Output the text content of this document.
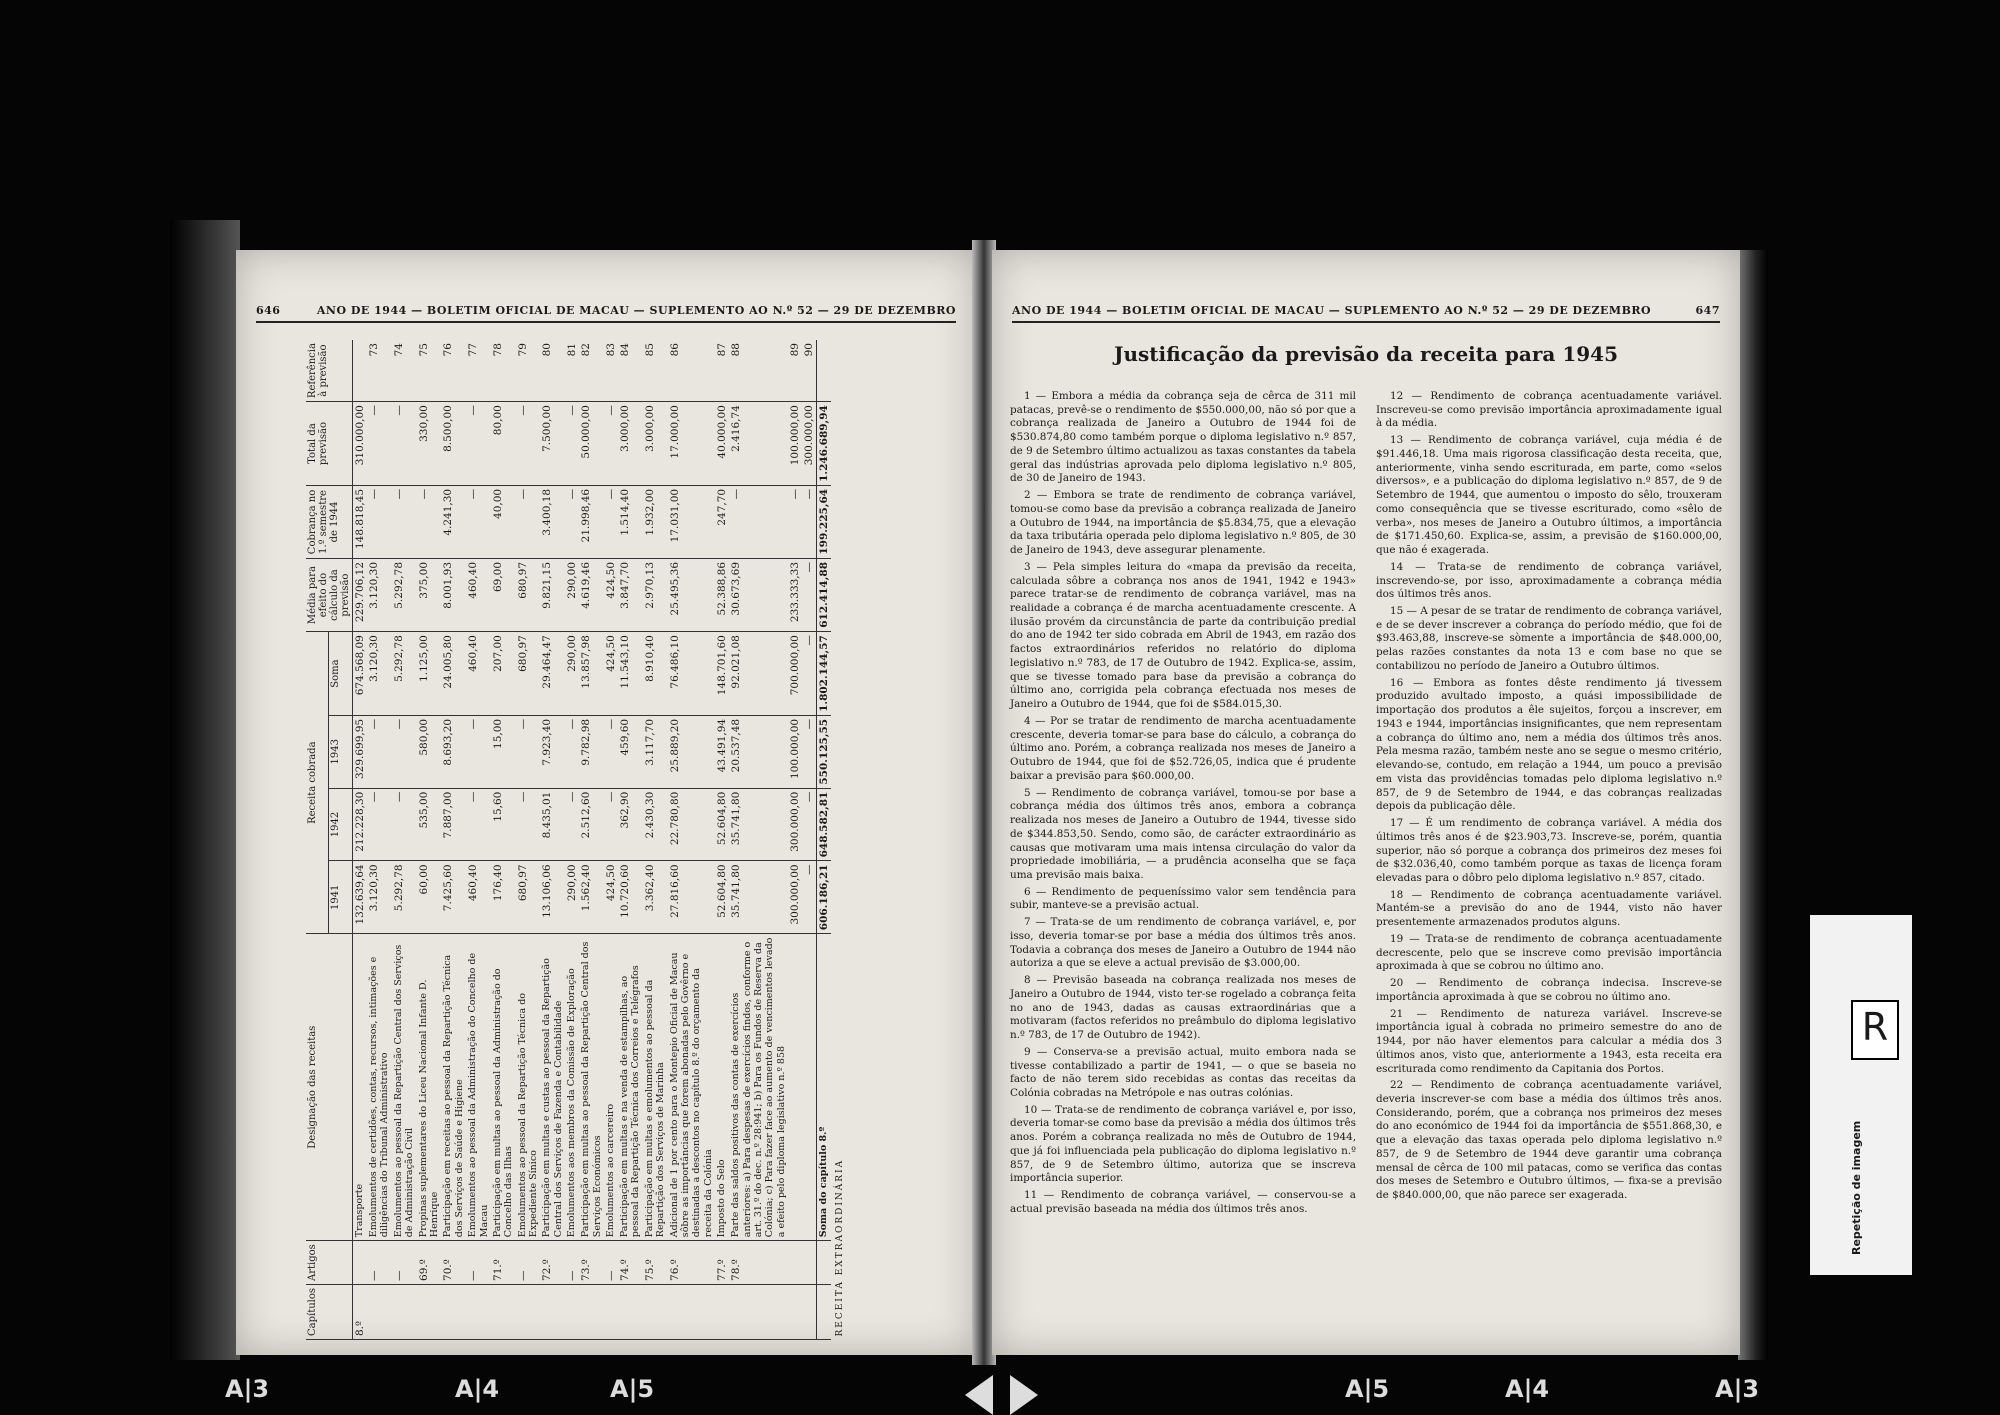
646	ANO DE 1944 — BOLETIM OFICIAL DE MACAU — SUPLEMENTO AO N.º 52 — 29 DE DEZEMBRO
Capítulos	Artigos	Designação das receitas	Receita cobrada				Média para efeito do cálculo da previsão	Cobrança no 1.º semestre de 1944	Total da previsão	Referência à previsão
			1941	1942	1943	Soma				
8.º		Transporte	132.639,64	212.228,30	329.699,95	674.568,09	229.706,12	148.818,45	310.000,00	
	—	Emolumentos de certidões, contas, recursos, intimações e diligências do Tribunal Administrativo	3.120,30	—	—	3.120,30	3.120,30	—	—	73
	—	Emolumentos ao pessoal da Repartição Central dos Serviços de Administração Civil	5.292,78	—	—	5.292,78	5.292,78	—	—	74
	69.º	Propinas suplementares do Liceu Nacional Infante D. Henrique	60,00	535,00	580,00	1.125,00	375,00	—	330,00	75
	70.º	Participação em receitas ao pessoal da Repartição Técnica dos Serviços de Saúde e Higiene	7.425,60	7.887,00	8.693,20	24.005,80	8.001,93	4.241,30	8.500,00	76
	—	Emolumentos ao pessoal da Administração do Concelho de Macau	460,40	—	—	460,40	460,40	—	—	77
	71.º	Participação em multas ao pessoal da Administração do Concelho das Ilhas	176,40	15,60	15,00	207,00	69,00	40,00	80,00	78
	—	Emolumentos ao pessoal da Repartição Técnica do Expediente Sínico	680,97	—	—	680,97	680,97	—	—	79
	72.º	Participação em multas e custas ao pessoal da Repartição Central dos Serviços de Fazenda e Contabilidade	13.106,06	8.435,01	7.923,40	29.464,47	9.821,15	3.400,18	7.500,00	80
	—	Emolumentos aos membros da Comissão de Exploração	290,00	—	—	290,00	290,00	—	—	81
	73.º	Participação em multas ao pessoal da Repartição Central dos Serviços Económicos	1.562,40	2.512,60	9.782,98	13.857,98	4.619,46	21.998,46	50.000,00	82
	—	Emolumentos ao carcereiro	424,50	—	—	424,50	424,50	—	—	83
	74.º	Participação em multas e na venda de estampilhas, ao pessoal da Repartição Técnica dos Correios e Telégrafos	10.720,60	362,90	459,60	11.543,10	3.847,70	1.514,40	3.000,00	84
	75.º	Participação em multas e emolumentos ao pessoal da Repartição dos Serviços de Marinha	3.362,40	2.430,30	3.117,70	8.910,40	2.970,13	1.932,00	3.000,00	85
	76.º	Adicional de 1 por cento para o Montepio Oficial de Macau sôbre as importâncias que forem abonadas pelo Govêrno e destinadas a descontos no capítulo 8.º do orçamento da receita da Colónia	27.816,60	22.780,80	25.889,20	76.486,10	25.495,36	17.031,00	17.000,00	86
	77.º	Imposto do Selo	52.604,80	52.604,80	43.491,94	148.701,60	52.388,86	247,70	40.000,00	87
	78.º	Parte das saldos positivos das contas de exercícios anteriores: a) Para despesas de exercícios findos, conforme o art. 31.º do dec. n.º 28:941; b) Para os Fundos de Reserva da Colónia; c) Para fazer face ao aumento de vencimentos levado a efeito pelo diploma legislativo n.º 858	35.741,80	35.741,80	20.537,48	92.021,08	30.673,69	—	2.416,74	88
			300.000,00	300.000,00	100.000,00	700.000,00	233.333,33	—	100.000,00	89
			—	—	—	—	—	—	300.000,00	90
		Soma do capítulo 8.º	606.186,21	648.582,81	550.125,55	1.802.144,57	612.414,88	199.225,64	1.246.689,94	
RECEITA EXTRAORDINÁRIA										
ANO DE 1944 — BOLETIM OFICIAL DE MACAU — SUPLEMENTO AO N.º 52 — 29 DE DEZEMBRO	647
Justificação da previsão da receita para 1945

1 — Embora a média da cobrança seja de cêrca de 311 mil patacas, prevê-se o rendimento de $550.000,00, não só por que a cobrança realizada de Janeiro a Outubro de 1944 foi de $530.874,80 como também porque o diploma legislativo n.º 857, de 9 de Setembro último actualizou as taxas constantes da tabela geral das indústrias aprovada pelo diploma legislativo n.º 805, de 30 de Janeiro de 1943.

2 — Embora se trate de rendimento de cobrança variável, tomou-se como base da previsão a cobrança realizada de Janeiro a Outubro de 1944, na importância de $5.834,75, que a elevação da taxa tributária operada pelo diploma legislativo n.º 805, de 30 de Janeiro de 1943, deve assegurar plenamente.

3 — Pela simples leitura do «mapa da previsão da receita, calculada sôbre a cobrança nos anos de 1941, 1942 e 1943» parece tratar-se de rendimento de cobrança variável, mas na realidade a cobrança é de marcha acentuadamente crescente. A ilusão provém da circunstância de parte da contribuição predial do ano de 1942 ter sido cobrada em Abril de 1943, em razão dos factos extraordinários referidos no relatório do diploma legislativo n.º 783, de 17 de Outubro de 1942. Explica-se, assim, que se tivesse tomado para base da previsão a cobrança do último ano, corrigida pela cobrança efectuada nos meses de Janeiro a Outubro de 1944, que foi de $584.015,30.

4 — Por se tratar de rendimento de marcha acentuadamente crescente, deveria tomar-se para base do cálculo, a cobrança do último ano. Porém, a cobrança realizada nos meses de Janeiro a Outubro de 1944, que foi de $52.726,05, indica que é prudente baixar a previsão para $60.000,00.

5 — Rendimento de cobrança variável, tomou-se por base a cobrança média dos últimos três anos, embora a cobrança realizada nos meses de Janeiro a Outubro de 1944, tivesse sido de $344.853,50. Sendo, como são, de carácter extraordinário as causas que motivaram uma mais intensa circulação do valor da propriedade imobiliária, — a prudência aconselha que se faça uma previsão mais baixa.

6 — Rendimento de pequeníssimo valor sem tendência para subir, manteve-se a previsão actual.

7 — Trata-se de um rendimento de cobrança variável, e, por isso, deveria tomar-se por base a média dos últimos três anos. Todavia a cobrança dos meses de Janeiro a Outubro de 1944 não autoriza a que se eleve a actual previsão de $3.000,00.

8 — Previsão baseada na cobrança realizada nos meses de Janeiro a Outubro de 1944, visto ter-se rogelado a cobrança feita no ano de 1943, dadas as causas extraordinárias que a motivaram (factos referidos no preâmbulo do diploma legislativo n.º 783, de 17 de Outubro de 1942).

9 — Conserva-se a previsão actual, muito embora nada se tivesse contabilizado a partir de 1941, — o que se baseia no facto de não terem sido recebidas as contas das receitas da Colónia cobradas na Metrópole e nas outras colónias.

10 — Trata-se de rendimento de cobrança variável e, por isso, deveria tomar-se como base da previsão a média dos últimos três anos. Porém a cobrança realizada no mês de Outubro de 1944, que já foi influenciada pela publicação do diploma legislativo n.º 857, de 9 de Setembro último, autoriza que se inscreva importância superior.

11 — Rendimento de cobrança variável, — conservou-se a actual previsão baseada na média dos últimos três anos.

12 — Rendimento de cobrança acentuadamente variável. Inscreveu-se como previsão importância aproximadamente igual à da média.

13 — Rendimento de cobrança variável, cuja média é de $91.446,18. Uma mais rigorosa classificação desta receita, que, anteriormente, vinha sendo escriturada, em parte, como «selos diversos», e a publicação do diploma legislativo n.º 857, de 9 de Setembro de 1944, que aumentou o imposto do sêlo, trouxeram como consequência que se tivesse escriturado, como «sêlo de verba», nos meses de Janeiro a Outubro últimos, a importância de $171.450,60. Explica-se, assim, a previsão de $160.000,00, que não é exagerada.

14 — Trata-se de rendimento de cobrança variável, inscrevendo-se, por isso, aproximadamente a cobrança média dos últimos três anos.

15 — A pesar de se tratar de rendimento de cobrança variável, e de se dever inscrever a cobrança do período médio, que foi de $93.463,88, inscreve-se sòmente a importância de $48.000,00, pelas razões constantes da nota 13 e com base no que se contabilizou no período de Janeiro a Outubro últimos.

16 — Embora as fontes dêste rendimento já tivessem produzido avultado imposto, a quási impossibilidade de importação dos produtos a êle sujeitos, forçou a inscrever, em 1943 e 1944, importâncias insignificantes, que nem representam a cobrança do último ano, nem a média dos últimos três anos. Pela mesma razão, também neste ano se segue o mesmo critério, elevando-se, contudo, em relação a 1944, um pouco a previsão em vista das providências tomadas pelo diploma legislativo n.º 857, de 9 de Setembro de 1944, e das cobranças realizadas depois da publicação dêle.

17 — É um rendimento de cobrança variável. A média dos últimos três anos é de $23.903,73. Inscreve-se, porém, quantia superior, não só porque a cobrança dos primeiros dez meses foi de $32.036,40, como também porque as taxas de licença foram elevadas para o dôbro pelo diploma legislativo n.º 857, citado.

18 — Rendimento de cobrança acentuadamente variável. Mantém-se a previsão do ano de 1944, visto não haver presentemente armazenados produtos alguns.

19 — Trata-se de rendimento de cobrança acentuadamente decrescente, pelo que se inscreve como previsão importância aproximada à que se cobrou no último ano.

20 — Rendimento de cobrança indecisa. Inscreve-se importância aproximada à que se cobrou no último ano.

21 — Rendimento de natureza variável. Inscreve-se importância igual à cobrada no primeiro semestre do ano de 1944, por não haver elementos para calcular a média dos 3 últimos anos, visto que, anteriormente a 1943, esta receita era escriturada como rendimento da Capitania dos Portos.

22 — Rendimento de cobrança acentuadamente variável, deveria inscrever-se com base a média dos últimos três anos. Considerando, porém, que a cobrança nos primeiros dez meses do ano económico de 1944 foi da importância de $551.868,30, e que a elevação das taxas operada pelo diploma legislativo n.º 857, de 9 de Setembro de 1944 deve garantir uma cobrança mensal de cêrca de 100 mil patacas, como se verifica das contas dos meses de Setembro e Outubro últimos, — fixa-se a previsão de $840.000,00, que não parece ser exagerada.

R
Repetição de imagem
A|3	A|4	A|5	A|5	A|4	A|3
